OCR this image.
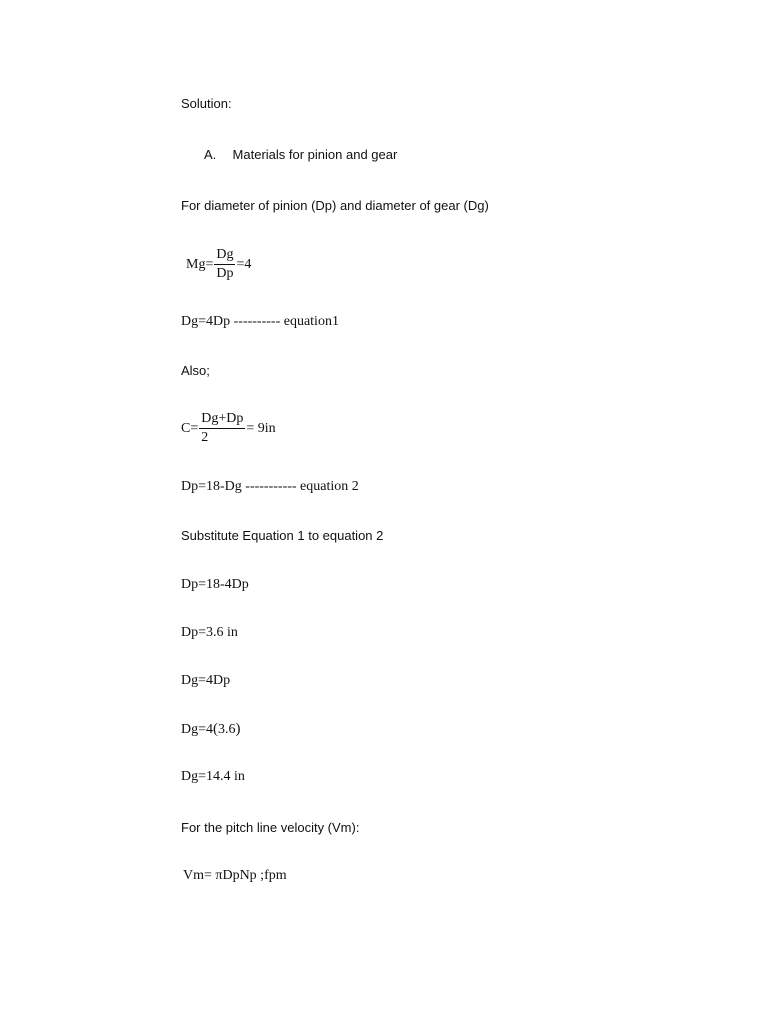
Solution:
A. Materials for pinion and gear
For diameter of pinion (Dp) and diameter of gear (Dg)
$Mg= \frac{Dg}{Dp} =4$
Dg=4Dp ---------- equation1
Also;
$C= \frac{Dg+Dp}{2} = 9in$
Dp=18-Dg ----------- equation 2
Substitute Equation 1 to equation 2
Dp=18-4Dp
Dp=3.6 in
Dg=4Dp
Dg=4(3.6)
Dg=14.4 in
For the pitch line velocity (Vm):
Vm= πDpNp ;fpm
